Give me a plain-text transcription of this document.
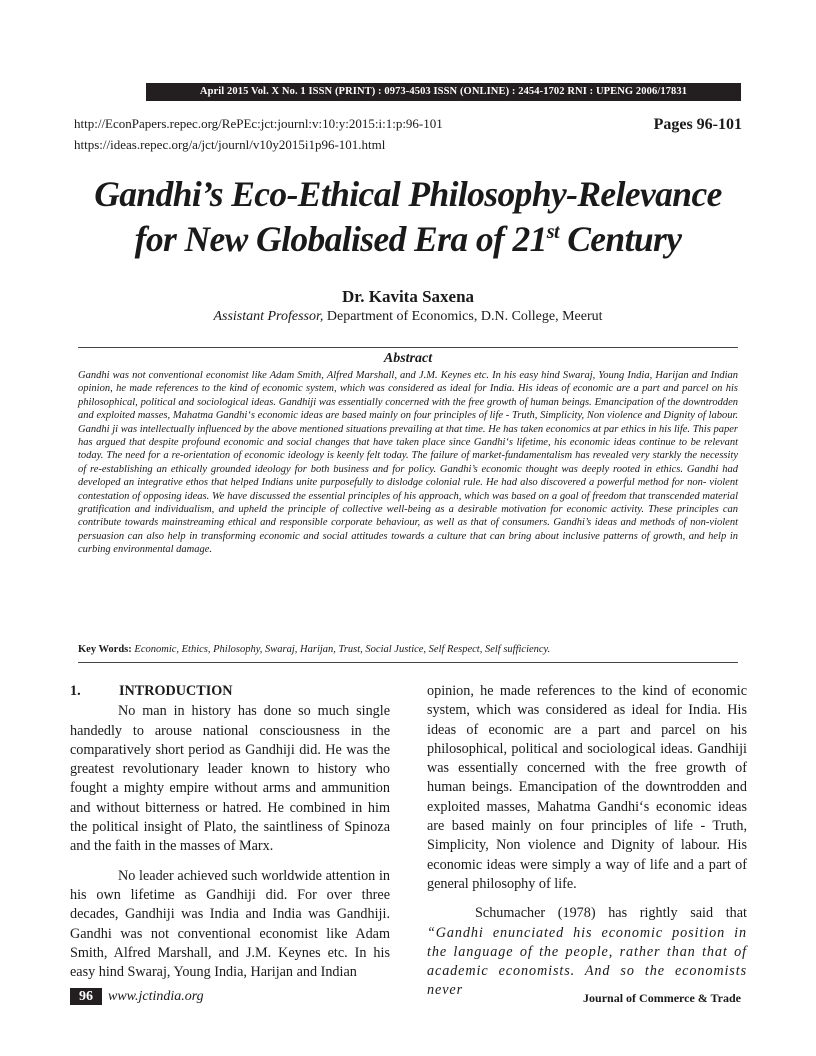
April 2015 Vol. X No. 1 ISSN (PRINT) : 0973-4503 ISSN (ONLINE) : 2454-1702 RNI : UPENG 2006/17831
http://EconPapers.repec.org/RePEc:jct:journl:v:10:y:2015:i:1:p:96-101
https://ideas.repec.org/a/jct/journl/v10y2015i1p96-101.html
Pages 96-101
Gandhi’s Eco-Ethical Philosophy-Relevance
for New Globalised Era of 21st Century
Dr. Kavita Saxena
Assistant Professor, Department of Economics, D.N. College, Meerut
Abstract

Gandhi was not conventional economist like Adam Smith, Alfred Marshall, and J.M. Keynes etc. In his easy hind Swaraj, Young India, Harijan and Indian opinion, he made references to the kind of economic system, which was considered as ideal for India. His ideas of economic are a part and parcel on his philosophical, political and sociological ideas. Gandhiji was essentially concerned with the free growth of human beings. Emancipation of the downtrodden and exploited masses, Mahatma Gandhi‘s economic ideas are based mainly on four principles of life - Truth, Simplicity, Non violence and Dignity of labour. Gandhi ji was intellectually influenced by the above mentioned situations prevailing at that time. He has taken economics at par ethics in his life. This paper has argued that despite profound economic and social changes that have taken place since Gandhi‘s lifetime, his economic ideas continue to be relevant today. The need for a re-orientation of economic ideology is keenly felt today. The failure of market-fundamentalism has revealed very starkly the necessity of re-establishing an ethically grounded ideology for both business and for policy. Gandhi’s economic thought was deeply rooted in ethics. Gandhi had developed an integrative ethos that helped Indians unite purposefully to dislodge colonial rule. He had also discovered a powerful method for non- violent contestation of opposing ideas. We have discussed the essential principles of his approach, which was based on a goal of freedom that transcended material gratification and individualism, and upheld the principle of collective well-being as a desirable motivation for economic activity. These principles can contribute towards mainstreaming ethical and responsible corporate behaviour, as well as that of consumers. Gandhi’s ideas and methods of non-violent persuasion can also help in transforming economic and social attitudes towards a culture that can bring about inclusive patterns of growth, and help in curbing environmental damage.

Key Words: Economic, Ethics, Philosophy, Swaraj, Harijan, Trust, Social Justice, Self Respect, Self sufficiency.

1.	INTRODUCTION

No man in history has done so much single handedly to arouse national consciousness in the comparatively short period as Gandhiji did. He was the greatest revolutionary leader known to history who fought a mighty empire without arms and ammunition and without bitterness or hatred. He combined in him the political insight of Plato, the saintliness of Spinoza and the faith in the masses of Marx.

No leader achieved such worldwide attention in his own lifetime as Gandhiji did. For over three decades, Gandhiji was India and India was Gandhiji. Gandhi was not conventional economist like Adam Smith, Alfred Marshall, and J.M. Keynes etc. In his easy hind Swaraj, Young India, Harijan and Indian

opinion, he made references to the kind of economic system, which was considered as ideal for India. His ideas of economic are a part and parcel on his philosophical, political and sociological ideas. Gandhiji was essentially concerned with the free growth of human beings. Emancipation of the downtrodden and exploited masses, Mahatma Gandhi‘s economic ideas are based mainly on four principles of life - Truth, Simplicity, Non violence and Dignity of labour. His economic ideas were simply a way of life and a part of general philosophy of life.

Schumacher (1978) has rightly said that “Gandhi enunciated his economic position in the language of the people, rather than that of academic economists. And so the economists never

96	www.jctindia.org	Journal of Commerce & Trade
